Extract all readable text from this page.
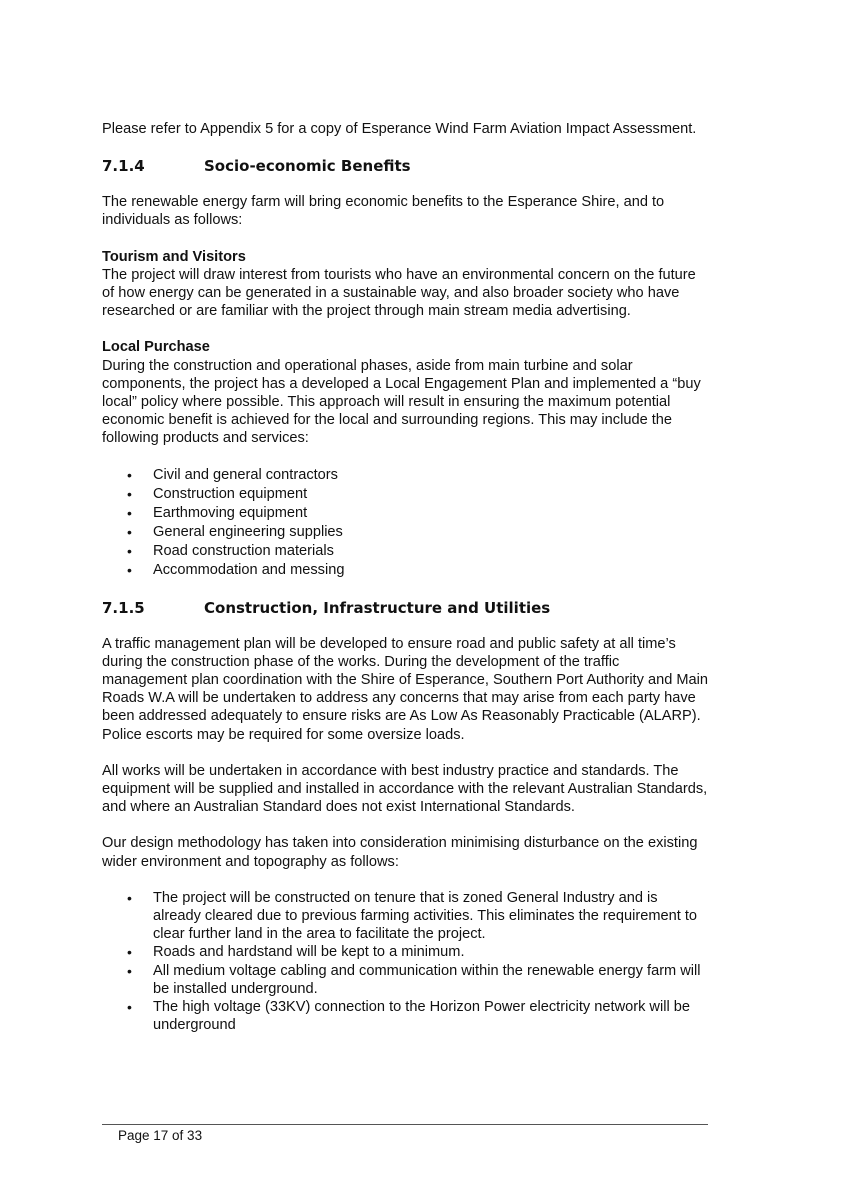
Please refer to Appendix 5 for a copy of Esperance Wind Farm Aviation Impact Assessment.

7.1.4	Socio-economic Benefits

The renewable energy farm will bring economic benefits to the Esperance Shire, and to individuals as follows:

Tourism and Visitors

The project will draw interest from tourists who have an environmental concern on the future of how energy can be generated in a sustainable way, and also broader society who have researched or are familiar with the project through main stream media advertising.

Local Purchase

During the construction and operational phases, aside from main turbine and solar components, the project has a developed a Local Engagement Plan and implemented a “buy local” policy where possible. This approach will result in ensuring the maximum potential economic benefit is achieved for the local and surrounding regions. This may include the following products and services:

• Civil and general contractors
• Construction equipment
• Earthmoving equipment
• General engineering supplies
• Road construction materials
• Accommodation and messing
7.1.5	Construction, Infrastructure and Utilities

A traffic management plan will be developed to ensure road and public safety at all time’s during the construction phase of the works. During the development of the traffic management plan coordination with the Shire of Esperance, Southern Port Authority and Main Roads W.A will be undertaken to address any concerns that may arise from each party have been addressed adequately to ensure risks are As Low As Reasonably Practicable (ALARP). Police escorts may be required for some oversize loads.

All works will be undertaken in accordance with best industry practice and standards. The equipment will be supplied and installed in accordance with the relevant Australian Standards, and where an Australian Standard does not exist International Standards.

Our design methodology has taken into consideration minimising disturbance on the existing wider environment and topography as follows:

• The project will be constructed on tenure that is zoned General Industry and is already cleared due to previous farming activities. This eliminates the requirement to clear further land in the area to facilitate the project.
• Roads and hardstand will be kept to a minimum.
• All medium voltage cabling and communication within the renewable energy farm will be installed underground.
• The high voltage (33KV) connection to the Horizon Power electricity network will be underground
Page 17 of 33
